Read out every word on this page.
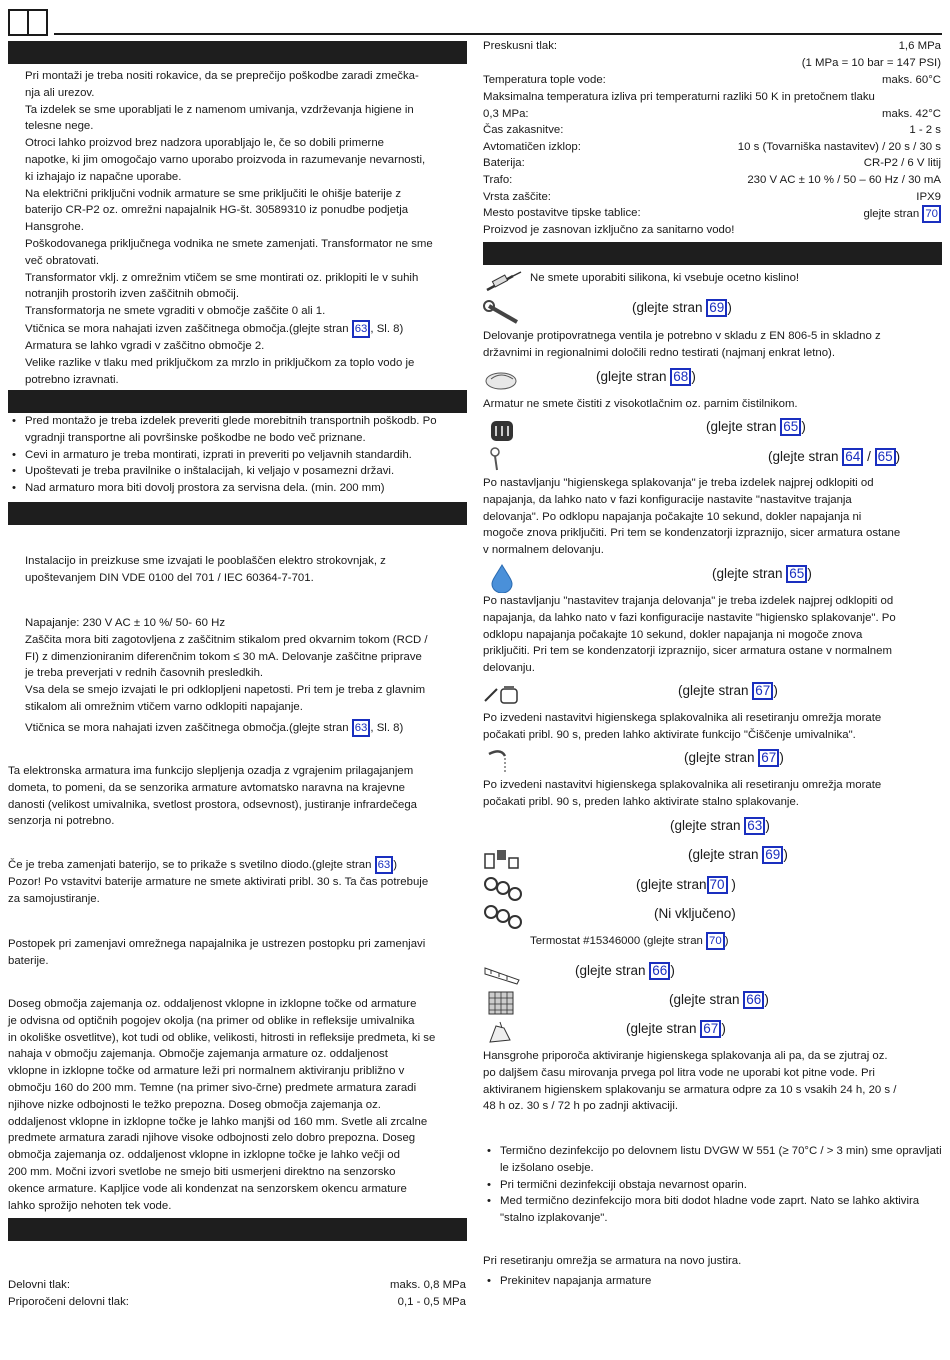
Pri montaži je treba nositi rokavice, da se preprečijo poškodbe zaradi zmečka-
nja ali urezov.
Ta izdelek se sme uporabljati le z namenom umivanja, vzdrževanja higiene in
telesne nege.
Otroci lahko proizvod brez nadzora uporabljajo le, če so dobili primerne
napotke, ki jim omogočajo varno uporabo proizvoda in razumevanje nevarnosti,
ki izhajajo iz napačne uporabe.
Na električni priključni vodnik armature se sme priključiti le ohišje baterije z
baterijo CR-P2 oz. omrežni napajalnik HG-št. 30589310 iz ponudbe podjetja
Hansgrohe.
Poškodovanega priključnega vodnika ne smete zamenjati. Transformator ne sme
več obratovati.
Transformator vklj. z omrežnim vtičem se sme montirati oz. priklopiti le v suhih
notranjih prostorih izven zaščitnih območij.
Transformatorja ne smete vgraditi v območje zaščite 0 ali 1.
Vtičnica se mora nahajati izven zaščitnega območja.(glejte stran 63 , Sl. 8)
Armatura se lahko vgradi v zaščitno območje 2.
Velike razlike v tlaku med priključkom za mrzlo in priključkom za toplo vodo je
potrebno izravnati.
• Pred montažo je treba izdelek preveriti glede morebitnih transportnih poškodb. Po vgradnji transportne ali površinske poškodbe ne bodo več priznane.
• Cevi in armaturo je treba montirati, izprati in preveriti po veljavnih standardih.
• Upoštevati je treba pravilnike o inštalacijah, ki veljajo v posamezni državi.
• Nad armaturo mora biti dovolj prostora za servisna dela. (min. 200 mm)
Instalacijo in preizkuse sme izvajati le pooblaščen elektro strokovnjak, z
upoštevanjem DIN VDE 0100 del 701 / IEC 60364-7-701.
Napajanje: 230 V AC ± 10 %/ 50- 60 Hz
Zaščita mora biti zagotovljena z zaščitnim stikalom pred okvarnim tokom (RCD /
FI) z dimenzioniranim diferenčnim tokom ≤ 30 mA. Delovanje zaščitne priprave
je treba preverjati v rednih časovnih presledkih.
Vsa dela se smejo izvajati le pri odklopljeni napetosti. Pri tem je treba z glavnim
stikalom ali omrežnim vtičem varno odklopiti napajanje.
Vtičnica se mora nahajati izven zaščitnega območja.(glejte stran 63 , Sl. 8)
Ta elektronska armatura ima funkcijo slepljenja ozadja z vgrajenim prilagajanjem
dometa, to pomeni, da se senzorika armature avtomatsko naravna na krajevne
danosti (velikost umivalnika, svetlost prostora, odsevnost), justiranje infrardečega
senzorja ni potrebno.
Če je treba zamenjati baterijo, se to prikaže s svetilno diodo.(glejte stran 63 )
Pozor! Po vstavitvi baterije armature ne smete aktivirati pribl. 30 s. Ta čas potrebuje
za samojustiranje.
Postopek pri zamenjavi omrežnega napajalnika je ustrezen postopku pri zamenjavi
baterije.
Doseg območja zajemanja oz. oddaljenost vklopne in izklopne točke od armature
je odvisna od optičnih pogojev okolja (na primer od oblike in refleksije umivalnika
in okoliške osvetlitve), kot tudi od oblike, velikosti, hitrosti in refleksije predmeta, ki se
nahaja v območju zajemanja. Območje zajemanja armature oz. oddaljenost
vklopne in izklopne točke od armature leži pri normalnem aktiviranju približno v
območju 160 do 200 mm. Temne (na primer sivo-črne) predmete armatura zaradi
njihove nizke odbojnosti le težko prepozna. Doseg območja zajemanja oz.
oddaljenost vklopne in izklopne točke je lahko manjši od 160 mm. Svetle ali zrcalne
predmete armatura zaradi njihove visoke odbojnosti zelo dobro prepozna. Doseg
območja zajemanja oz. oddaljenost vklopne in izklopne točke je lahko večji od
200 mm. Močni izvori svetlobe ne smejo biti usmerjeni direktno na senzorsko
okence armature. Kapljice vode ali kondenzat na senzorskem okencu armature
lahko sprožijo nehoten tek vode.
Delovni tlak:	maks. 0,8 MPa
Priporočeni delovni tlak:	0,1 - 0,5 MPa
Preskusni tlak:	1,6 MPa
(1 MPa = 10 bar = 147 PSI)
Temperatura tople vode:	maks. 60°C
Maksimalna temperatura izliva pri temperaturni razliki 50 K in pretočnem tlaku
0,3 MPa:	maks. 42°C
Čas zakasnitve:	1 - 2 s
Avtomatičen izklop:	10 s (Tovarniška nastavitev) / 20 s / 30 s
Baterija:	CR-P2 / 6 V litij
Trafo:	230 V AC ± 10 % / 50 – 60 Hz / 30 mA
Vrsta zaščite:	IPX9
Mesto postavitve tipske tablice:	glejte stran 70
Proizvod je zasnovan izključno za sanitarno vodo!
Ne smete uporabiti silikona, ki vsebuje ocetno kislino!
(glejte stran 69 )
Delovanje protipovratnega ventila je potrebno v skladu z EN 806-5 in skladno z
državnimi in regionalnimi določili redno testirati (najmanj enkrat letno).
(glejte stran 68 )
Armatur ne smete čistiti z visokotlačnim oz. parnim čistilnikom.
(glejte stran 65 )
(glejte stran 64 / 65 )
Po nastavljanju "higienskega splakovanja" je treba izdelek najprej odklopiti od
napajanja, da lahko nato v fazi konfiguracije nastavite "nastavitve trajanja
delovanja". Po odklopu napajanja počakajte 10 sekund, dokler napajanja ni
mogoče znova priključiti. Pri tem se kondenzatorji izpraznijo, sicer armatura ostane
v normalnem delovanju.
(glejte stran 65 )
Po nastavljanju "nastavitev trajanja delovanja" je treba izdelek najprej odklopiti od
napajanja, da lahko nato v fazi konfiguracije nastavite "higiensko splakovanje". Po
odklopu napajanja počakajte 10 sekund, dokler napajanja ni mogoče znova
priključiti. Pri tem se kondenzatorji izpraznijo, sicer armatura ostane v normalnem
delovanju.
(glejte stran 67 )
Po izvedeni nastavitvi higienskega splakovalnika ali resetiranju omrežja morate
počakati pribl. 90 s, preden lahko aktivirate funkcijo "Čiščenje umivalnika".
(glejte stran 67 )
Po izvedeni nastavitvi higienskega splakovalnika ali resetiranju omrežja morate
počakati pribl. 90 s, preden lahko aktivirate stalno splakovanje.
(glejte stran 63 )
(glejte stran 69 )
(glejte stran 70 )
(Ni vključeno)
Termostat #15346000 (glejte stran 70 )
(glejte stran 66 )
(glejte stran 66 )
(glejte stran 67 )
Hansgrohe priporoča aktiviranje higienskega splakovanja ali pa, da se zjutraj oz.
po daljšem času mirovanja prvega pol litra vode ne uporabi kot pitne vode. Pri
aktiviranem higienskem splakovanju se armatura odpre za 10 s vsakih 24 h, 20 s /
48 h oz. 30 s / 72 h po zadnji aktivaciji.
• Termično dezinfekcijo po delovnem listu DVGW W 551 (≥ 70°C / > 3 min) sme opravljati le izšolano osebje.
• Pri termični dezinfekciji obstaja nevarnost oparin.
• Med termično dezinfekcijo mora biti dodot hladne vode zaprt. Nato se lahko aktivira "stalno izplakovanje".
Pri resetiranju omrežja se armatura na novo justira.
• Prekinitev napajanja armature
